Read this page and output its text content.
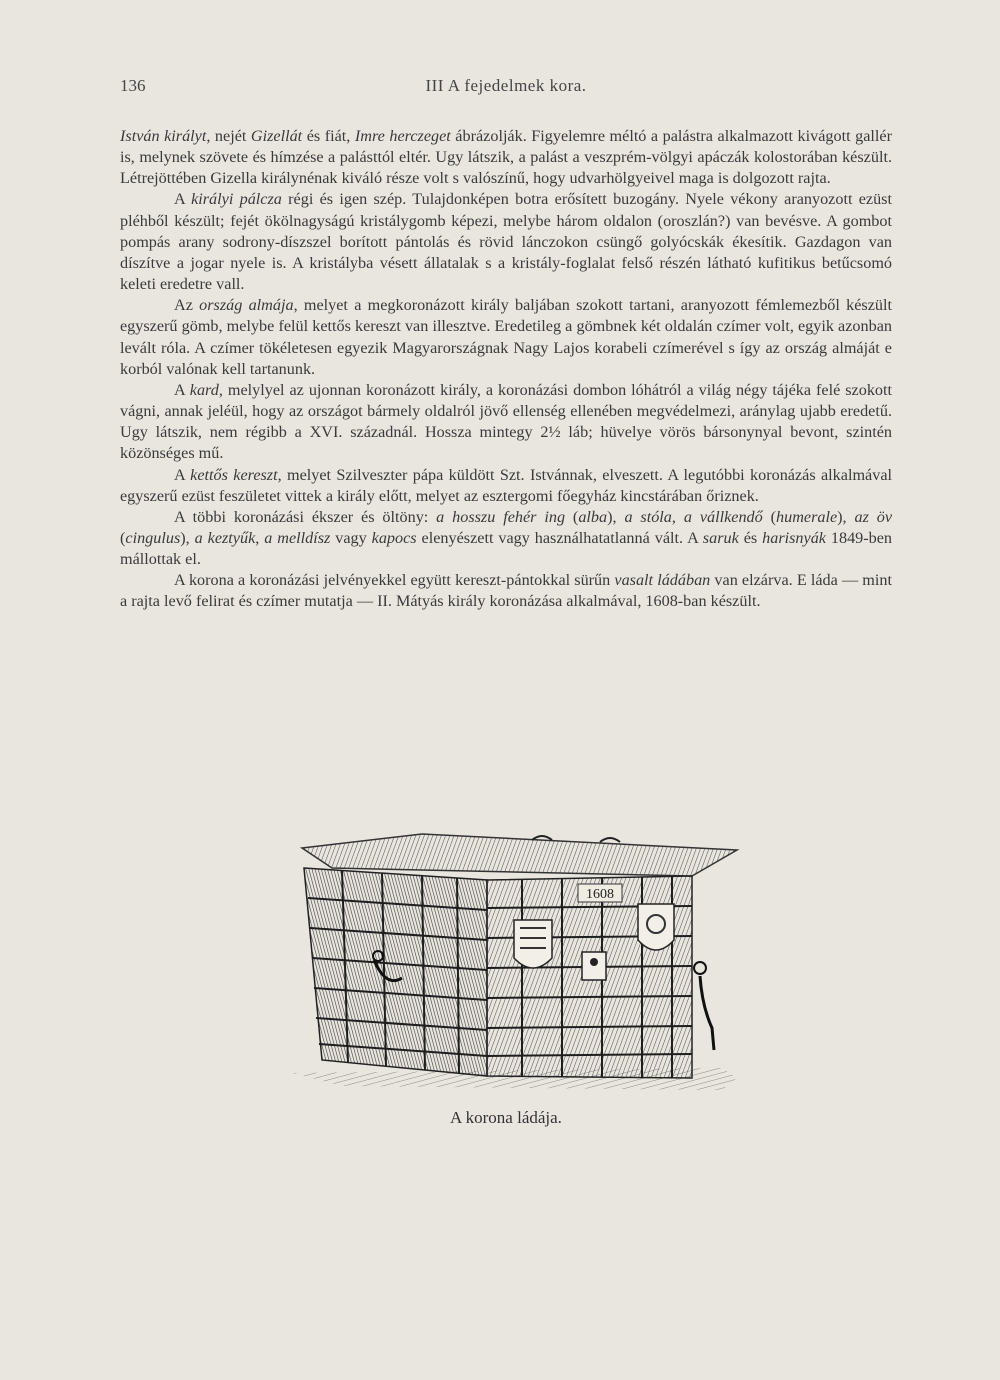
136	III A fejedelmek kora.

István királyt, nejét Gizellát és fiát, Imre herczeget ábrázolják. Figyelemre méltó a palástra alkalmazott kivágott gallér is, melynek szövete és hímzése a palásttól eltér. Ugy látszik, a palást a veszprém-völgyi apáczák kolostorában készült. Létrejöttében Gizella királynénak kiváló része volt s valószínű, hogy udvarhölgyeivel maga is dolgozott rajta.

A királyi pálcza régi és igen szép. Tulajdonképen botra erősített buzogány. Nyele vékony aranyozott ezüst pléhből készült; fejét ökölnagyságú kristálygomb képezi, melybe három oldalon (oroszlán?) van bevésve. A gombot pompás arany sodrony-díszszel borított pántolás és rövid lánczokon csüngő golyócskák ékesítik. Gazdagon van díszítve a jogar nyele is. A kristályba vésett állatalak s a kristály-foglalat felső részén látható kufitikus betűcsomó keleti eredetre vall.

Az ország almája, melyet a megkoronázott király baljában szokott tartani, aranyozott fémlemezből készült egyszerű gömb, melybe felül kettős kereszt van illesztve. Eredetileg a gömbnek két oldalán czímer volt, egyik azonban levált róla. A czímer tökéletesen egyezik Magyarországnak Nagy Lajos korabeli czímerével s így az ország almáját e korból valónak kell tartanunk.

A kard, melylyel az ujonnan koronázott király, a koronázási dombon lóhátról a világ négy tájéka felé szokott vágni, annak jeléül, hogy az országot bármely oldalról jövő ellenség ellenében megvédelmezi, aránylag ujabb eredetű. Ugy látszik, nem régibb a XVI. századnál. Hossza mintegy 2½ láb; hüvelye vörös bársonynyal bevont, szintén közönséges mű.

A kettős kereszt, melyet Szilveszter pápa küldött Szt. Istvánnak, elveszett. A legutóbbi koronázás alkalmával egyszerű ezüst feszületet vittek a király előtt, melyet az esztergomi főegyház kincstárában őriznek.

A többi koronázási ékszer és öltöny: a hosszu fehér ing (alba), a stóla, a vállkendő (humerale), az öv (cingulus), a keztyűk, a melldísz vagy kapocs elenyészett vagy használhatatlanná vált. A saruk és harisnyák 1849-ben mállottak el.

A korona a koronázási jelvényekkel együtt kereszt-pántokkal sürűn vasalt ládában van elzárva. E láda — mint a rajta levő felirat és czímer mutatja — II. Mátyás király koronázása alkalmával, 1608-ban készült.

1608
A korona ládája.
